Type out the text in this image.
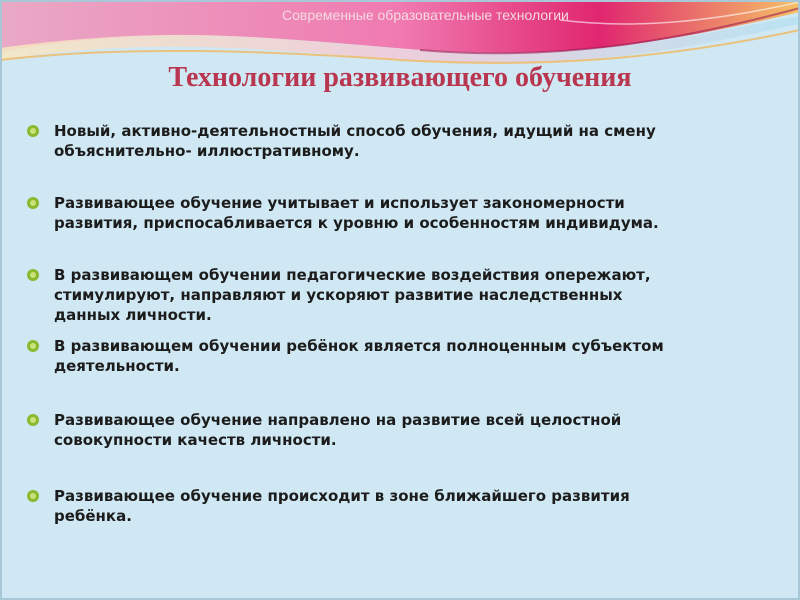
Современные образовательные технологии
Технологии развивающего обучения
Новый, активно-деятельностный способ обучения, идущий на смену
объяснительно- иллюстративному.
Развивающее обучение учитывает и использует закономерности
развития, приспосабливается к уровню и особенностям индивидума.
В развивающем обучении педагогические воздействия опережают,
стимулируют, направляют и ускоряют развитие наследственных
данных личности.
В развивающем обучении ребёнок является полноценным субъектом
деятельности.
Развивающее обучение направлено на развитие всей целостной
совокупности качеств личности.
Развивающее обучение происходит в зоне ближайшего развития
ребёнка.
